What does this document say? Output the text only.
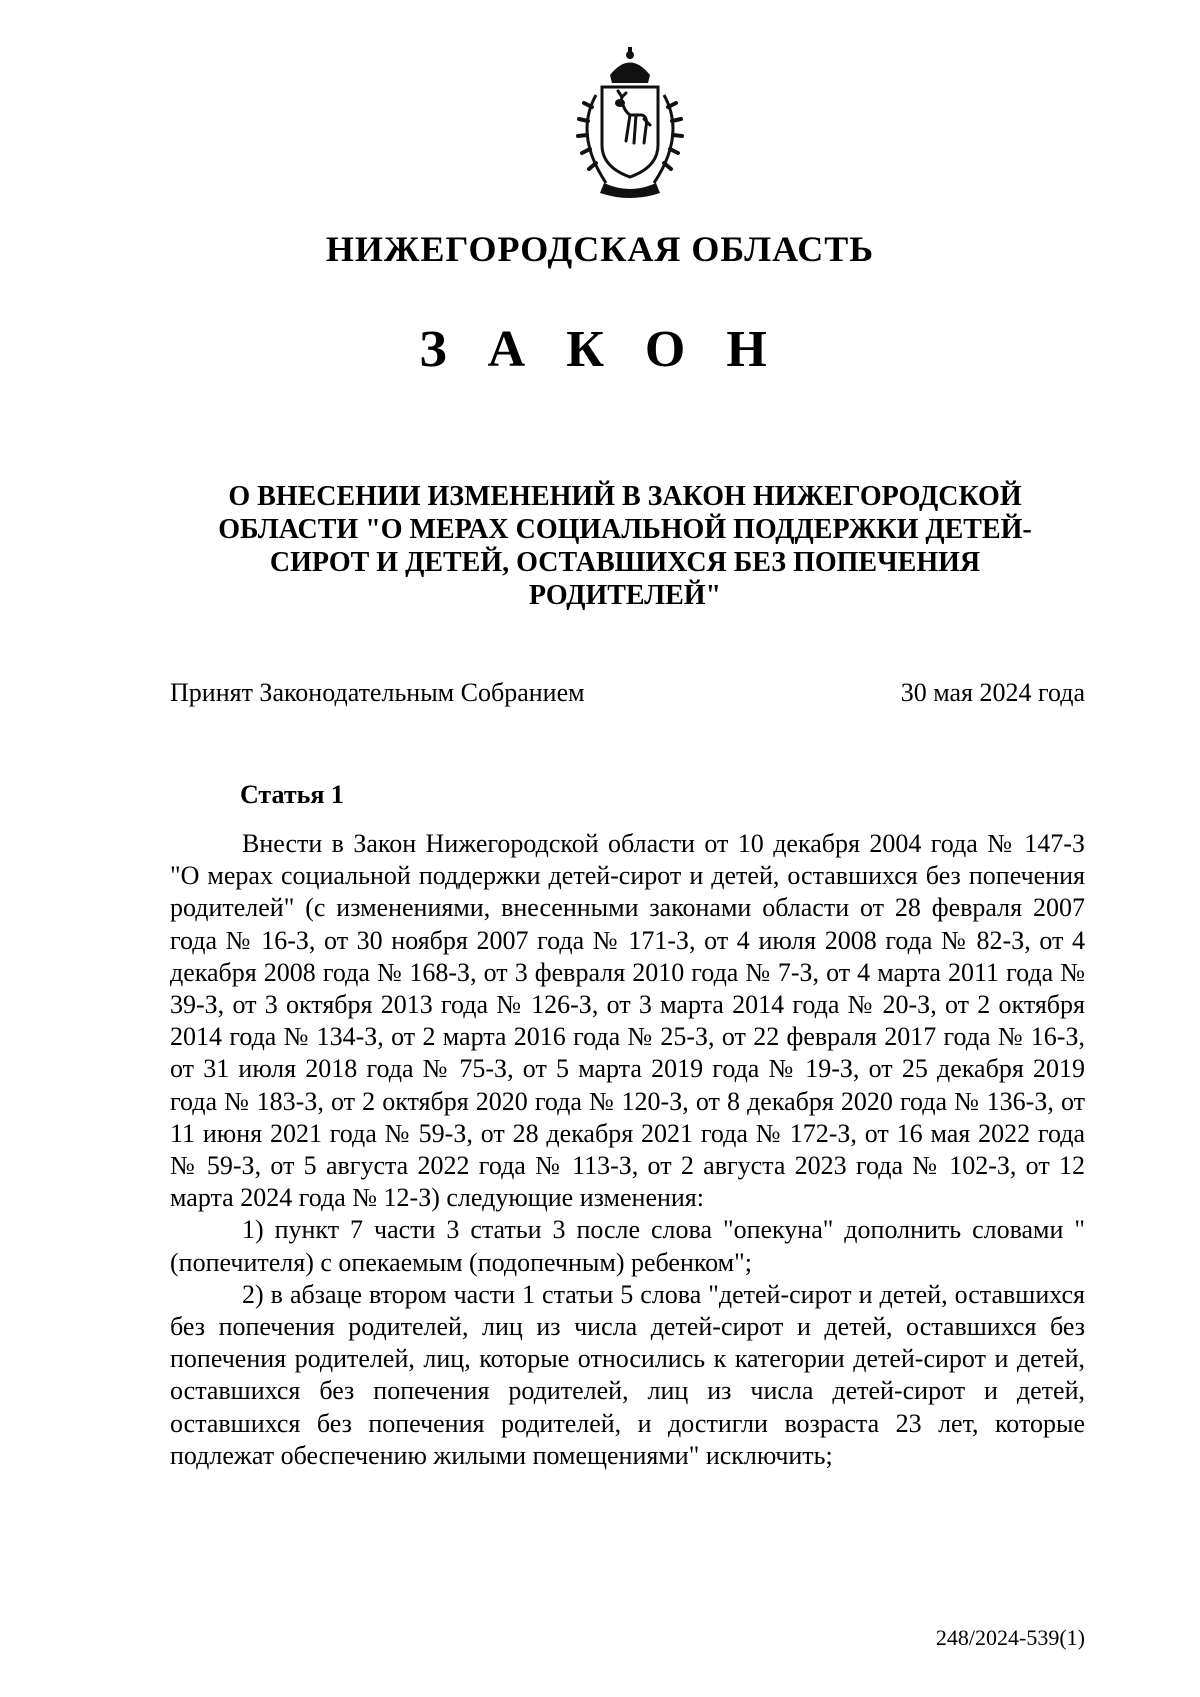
НИЖЕГОРОДСКАЯ ОБЛАСТЬ
З А К О Н
О ВНЕСЕНИИ ИЗМЕНЕНИЙ В ЗАКОН НИЖЕГОРОДСКОЙ
ОБЛАСТИ "О МЕРАХ СОЦИАЛЬНОЙ ПОДДЕРЖКИ ДЕТЕЙ-
СИРОТ И ДЕТЕЙ, ОСТАВШИХСЯ БЕЗ ПОПЕЧЕНИЯ
РОДИТЕЛЕЙ"
Принят Законодательным Собранием	30 мая 2024 года
Статья 1

Внести в Закон Нижегородской области от 10 декабря 2004 года № 147-З "О мерах социальной поддержки детей-сирот и детей, оставшихся без попечения родителей" (с изменениями, внесенными законами области от 28 февраля 2007 года № 16-З, от 30 ноября 2007 года № 171-З, от 4 июля 2008 года № 82-З, от 4 декабря 2008 года № 168-З, от 3 февраля 2010 года № 7-З, от 4 марта 2011 года № 39-З, от 3 октября 2013 года № 126-З, от 3 марта 2014 года № 20-З, от 2 октября 2014 года № 134-З, от 2 марта 2016 года № 25-З, от 22 февраля 2017 года № 16-З, от 31 июля 2018 года № 75-З, от 5 марта 2019 года № 19-З, от 25 декабря 2019 года № 183-З, от 2 октября 2020 года № 120-З, от 8 декабря 2020 года № 136-З, от 11 июня 2021 года № 59-З, от 28 декабря 2021 года № 172-З, от 16 мая 2022 года № 59-З, от 5 августа 2022 года № 113-З, от 2 августа 2023 года № 102-З, от 12 марта 2024 года № 12-З) следующие изменения:

1) пункт 7 части 3 статьи 3 после слова "опекуна" дополнить словами "(попечителя) с опекаемым (подопечным) ребенком";

2) в абзаце втором части 1 статьи 5 слова "детей-сирот и детей, оставшихся без попечения родителей, лиц из числа детей-сирот и детей, оставшихся без попечения родителей, лиц, которые относились к категории детей-сирот и детей, оставшихся без попечения родителей, лиц из числа детей-сирот и детей, оставшихся без попечения родителей, и достигли возраста 23 лет, которые подлежат обеспечению жилыми помещениями" исключить;

248/2024-539(1)
